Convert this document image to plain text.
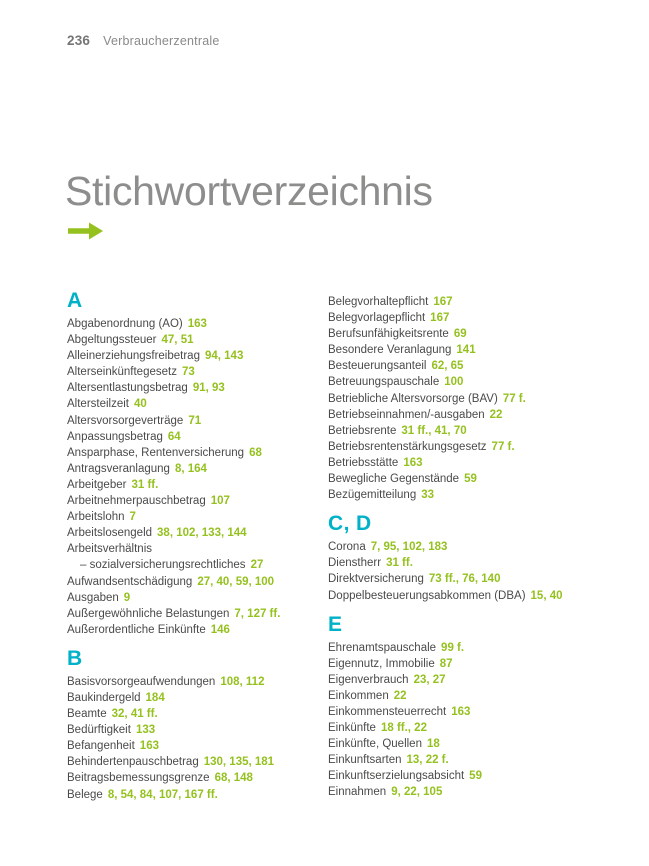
236 Verbraucherzentrale
Stichwortverzeichnis
A
Abgabenordnung (AO) 163
Abgeltungssteuer 47, 51
Alleinerziehungsfreibetrag 94, 143
Alterseinkünftegesetz 73
Altersentlastungsbetrag 91, 93
Altersteilzeit 40
Altersvorsorgeverträge 71
Anpassungsbetrag 64
Ansparphase, Rentenversicherung 68
Antragsveranlagung 8, 164
Arbeitgeber 31 ff.
Arbeitnehmerpauschbetrag 107
Arbeitslohn 7
Arbeitslosengeld 38, 102, 133, 144
Arbeitsverhältnis
– sozialversicherungsrechtliches 27
Aufwandsentschädigung 27, 40, 59, 100
Ausgaben 9
Außergewöhnliche Belastungen 7, 127 ff.
Außerordentliche Einkünfte 146
B
Basisvorsorgeaufwendungen 108, 112
Baukindergeld 184
Beamte 32, 41 ff.
Bedürftigkeit 133
Befangenheit 163
Behindertenpauschbetrag 130, 135, 181
Beitragsbemessungsgrenze 68, 148
Belege 8, 54, 84, 107, 167 ff.
Belegvorhaltepflicht 167
Belegvorlagepflicht 167
Berufsunfähigkeitsrente 69
Besondere Veranlagung 141
Besteuerungsanteil 62, 65
Betreuungspauschale 100
Betriebliche Altersvorsorge (BAV) 77 f.
Betriebseinnahmen/-ausgaben 22
Betriebsrente 31 ff., 41, 70
Betriebsrentenstärkungsgesetz 77 f.
Betriebsstätte 163
Bewegliche Gegenstände 59
Bezügemitteilung 33
C, D
Corona 7, 95, 102, 183
Dienstherr 31 ff.
Direktversicherung 73 ff., 76, 140
Doppelbesteuerungsabkommen (DBA) 15, 40
E
Ehrenamtspauschale 99 f.
Eigennutz, Immobilie 87
Eigenverbrauch 23, 27
Einkommen 22
Einkommensteuerrecht 163
Einkünfte 18 ff., 22
Einkünfte, Quellen 18
Einkunftsarten 13, 22 f.
Einkunftserzielungsabsicht 59
Einnahmen 9, 22, 105
